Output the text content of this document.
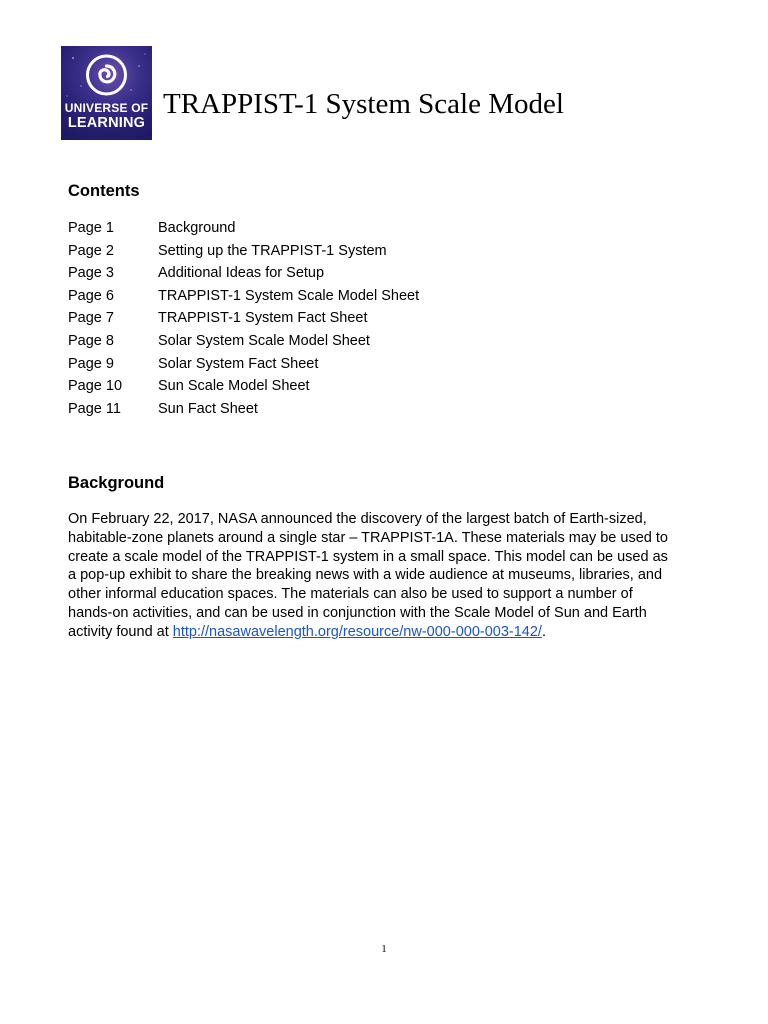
UNIVERSE OF
LEARNING
TRAPPIST-1 System Scale Model
Contents
Page 1	Background
Page 2	Setting up the TRAPPIST-1 System
Page 3	Additional Ideas for Setup
Page 6	TRAPPIST-1 System Scale Model Sheet
Page 7	TRAPPIST-1 System Fact Sheet
Page 8	Solar System Scale Model Sheet
Page 9	Solar System Fact Sheet
Page 10	Sun Scale Model Sheet
Page 11	Sun Fact Sheet
Background

On February 22, 2017, NASA announced the discovery of the largest batch of Earth-sized,
habitable-zone planets around a single star – TRAPPIST-1A. These materials may be used to
create a scale model of the TRAPPIST-1 system in a small space. This model can be used as
a pop-up exhibit to share the breaking news with a wide audience at museums, libraries, and
other informal education spaces. The materials can also be used to support a number of
hands-on activities, and can be used in conjunction with the Scale Model of Sun and Earth
activity found at http://nasawavelength.org/resource/nw-000-000-003-142/.

1
